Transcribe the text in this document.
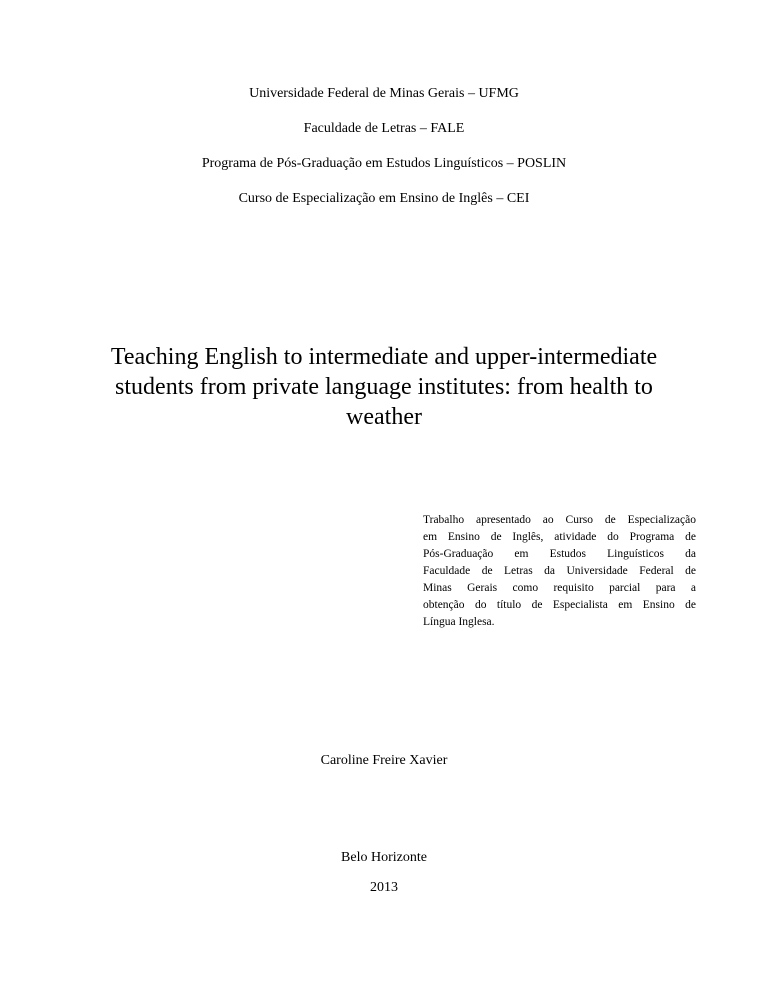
Universidade Federal de Minas Gerais – UFMG
Faculdade de Letras – FALE
Programa de Pós-Graduação em Estudos Linguísticos – POSLIN
Curso de Especialização em Ensino de Inglês – CEI
Teaching English to intermediate and upper-intermediate
students from private language institutes: from health to
weather
Trabalho apresentado ao Curso de Especialização
em Ensino de Inglês, atividade do Programa de
Pós-Graduação em Estudos Linguísticos da
Faculdade de Letras da Universidade Federal de
Minas Gerais como requisito parcial para a
obtenção do título de Especialista em Ensino de
Língua Inglesa.
Caroline Freire Xavier
Belo Horizonte
2013
